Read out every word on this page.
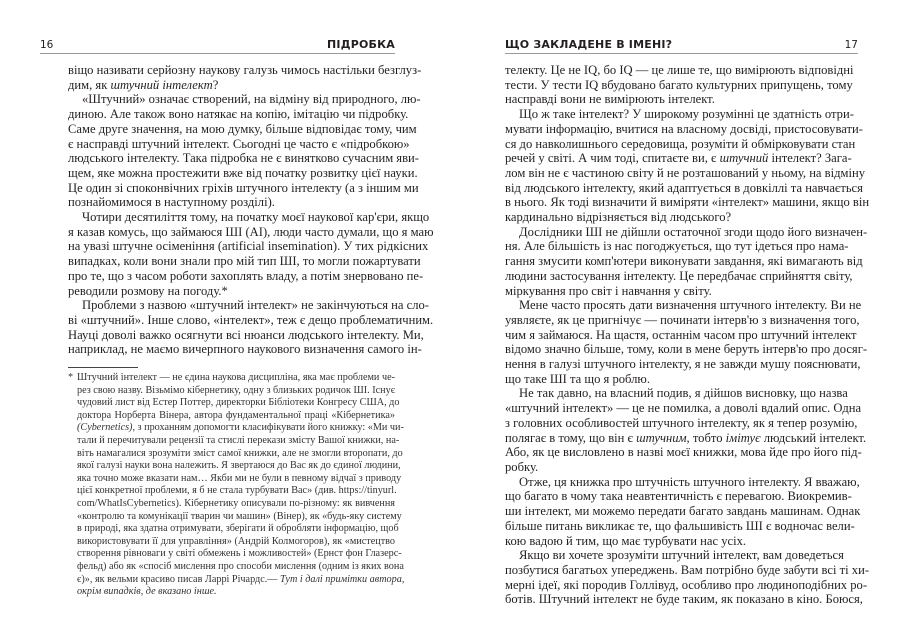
16	ПІДРОБКА	ЩО ЗАКЛАДЕНЕ В ІМЕНІ?	17
віщо називати серйозну наукову галузь чимось настільки безглуз-
дим, як штучний інтелект?
«Штучний» означає створений, на відміну від природного, лю-
диною. Але також воно натякає на копію, імітацію чи підробку.
Саме друге значення, на мою думку, більше відповідає тому, чим
є насправді штучний інтелект. Сьогодні це часто є «підробкою»
людського інтелекту. Така підробка не є винятково сучасним яви-
щем, яке можна простежити вже від початку розвитку цієї науки.
Це один зі споконвічних гріхів штучного інтелекту (а з іншим ми
познайомимося в наступному розділі).
Чотири десятиліття тому, на початку моєї наукової кар'єри, якщо
я казав комусь, що займаюся ШІ (AI), люди часто думали, що я маю
на увазі штучне осіменіння (artificial insemination). У тих рідкісних
випадках, коли вони знали про мій тип ШІ, то могли пожартувати
про те, що з часом роботи захоплять владу, а потім знервовано пе-
реводили розмову на погоду.*
Проблеми з назвою «штучний інтелект» не закінчуються на сло-
ві «штучний». Інше слово, «інтелект», теж є дещо проблематичним.
Науці доволі важко осягнути всі нюанси людського інтелекту. Ми,
наприклад, не маємо вичерпного наукового визначення самого ін-
* Штучний інтелект — не єдина наукова дисципліна, яка має проблеми че-
рез свою назву. Візьмімо кібернетику, одну з близьких родичок ШІ. Існує
чудовий лист від Естер Поттер, директорки Бібліотеки Конгресу США, до
доктора Норберта Вінера, автора фундаментальної праці «Кібернетика»
(Cybernetics), з проханням допомогти класифікувати його книжку: «Ми чи-
тали й перечитували рецензії та стислі перекази змісту Вашої книжки, на-
віть намагалися зрозуміти зміст самої книжки, але не змогли второпати, до
якої галузі науки вона належить. Я звертаюся до Вас як до єдиної людини,
яка точно може вказати нам… Якби ми не були в певному відчаї з приводу
цієї конкретної проблеми, я б не стала турбувати Вас» (див. https://tinyurl.
com/WhatIsCybernetics). Кібернетику описували по-різному: як вивчення
«контролю та комунікації тварин чи машин» (Вінер), як «будь-яку систему
в природі, яка здатна отримувати, зберігати й обробляти інформацію, щоб
використовувати її для управління» (Андрій Колмогоров), як «мистецтво
створення рівноваги у світі обмежень і можливостей» (Ернст фон Глазерс-
фельд) або як «спосіб мислення про способи мислення (одним із яких вона
є)», як вельми красиво писав Ларрі Річардс.— Тут і далі примітки автора,
окрім випадків, де вказано інше.
телекту. Це не IQ, бо IQ — це лише те, що вимірюють відповідні
тести. У тести IQ вбудовано багато культурних припущень, тому
насправді вони не вимірюють інтелект.
Що ж таке інтелект? У широкому розумінні це здатність отри-
мувати інформацію, вчитися на власному досвіді, пристосовувати-
ся до навколишнього середовища, розуміти й обмірковувати стан
речей у світі. А чим тоді, спитаєте ви, є штучний інтелект? Зага-
лом він не є частиною світу й не розташований у ньому, на відміну
від людського інтелекту, який адаптується в довкіллі та навчається
в нього. Як тоді визначити й виміряти «інтелект» машини, якщо він
кардинально відрізняється від людського?
Дослідники ШІ не дійшли остаточної згоди щодо його визначен-
ня. Але більшість із нас погоджується, що тут ідеться про нама-
гання змусити комп'ютери виконувати завдання, які вимагають від
людини застосування інтелекту. Це передбачає сприйняття світу,
міркування про світ і навчання у світу.
Мене часто просять дати визначення штучного інтелекту. Ви не
уявляєте, як це пригнічує — починати інтерв'ю з визначення того,
чим я займаюся. На щастя, останнім часом про штучний інтелект
відомо значно більше, тому, коли в мене беруть інтерв'ю про досяг-
нення в галузі штучного інтелекту, я не завжди мушу пояснювати,
що таке ШІ та що я роблю.
Не так давно, на власний подив, я дійшов висновку, що назва
«штучний інтелект» — це не помилка, а доволі вдалий опис. Одна
з головних особливостей штучного інтелекту, як я тепер розумію,
полягає в тому, що він є штучним, тобто імітує людський інтелект.
Або, як це висловлено в назві моєї книжки, мова йде про його під-
робку.
Отже, ця книжка про штучність штучного інтелекту. Я вважаю,
що багато в чому така неавтентичність є перевагою. Виокремив-
ши інтелект, ми можемо передати багато завдань машинам. Однак
більше питань викликає те, що фальшивість ШІ є водночас вели-
кою вадою й тим, що має турбувати нас усіх.
Якщо ви хочете зрозуміти штучний інтелект, вам доведеться
позбутися багатьох упереджень. Вам потрібно буде забути всі ті хи-
мерні ідеї, які породив Голлівуд, особливо про людиноподібних ро-
ботів. Штучний інтелект не буде таким, як показано в кіно. Боюся,
